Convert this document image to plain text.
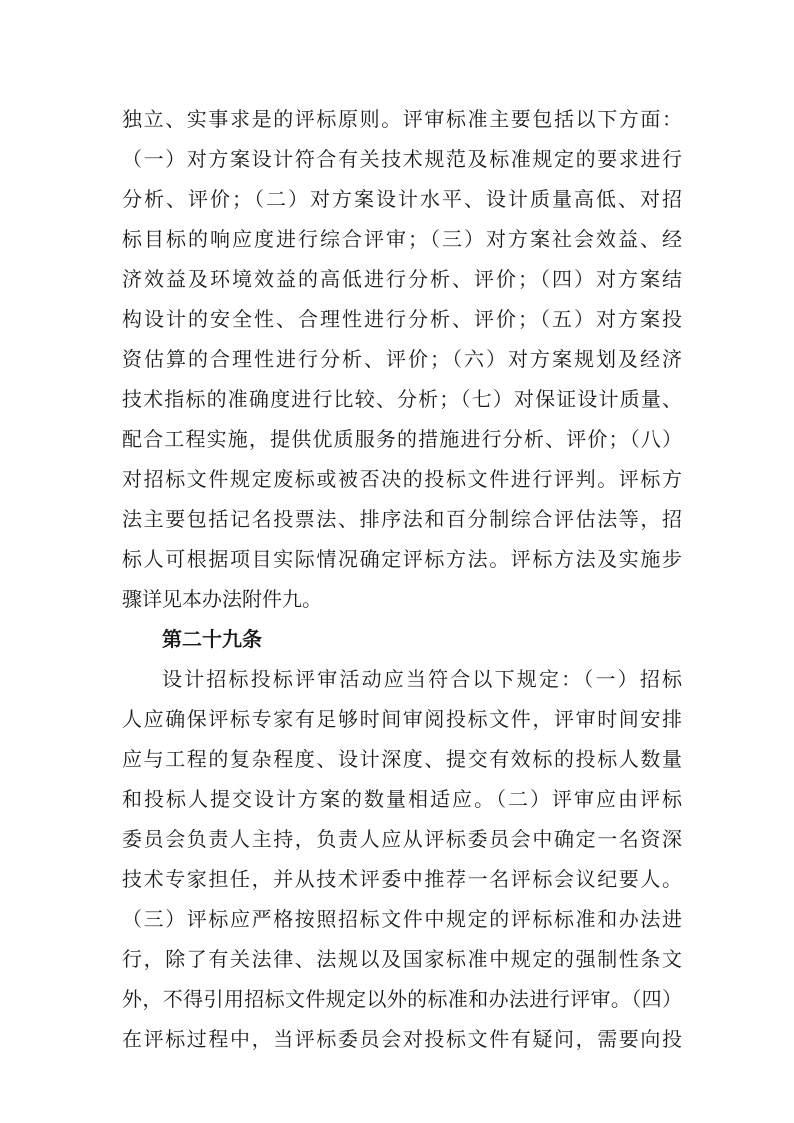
独立、实事求是的评标原则。评审标准主要包括以下方面：
（一）对方案设计符合有关技术规范及标准规定的要求进行
分析、评价；（二）对方案设计水平、设计质量高低、对招
标目标的响应度进行综合评审；（三）对方案社会效益、经
济效益及环境效益的高低进行分析、评价；（四）对方案结
构设计的安全性、合理性进行分析、评价；（五）对方案投
资估算的合理性进行分析、评价；（六）对方案规划及经济
技术指标的准确度进行比较、分析；（七）对保证设计质量、
配合工程实施，提供优质服务的措施进行分析、评价；（八）
对招标文件规定废标或被否决的投标文件进行评判。评标方
法主要包括记名投票法、排序法和百分制综合评估法等，招
标人可根据项目实际情况确定评标方法。评标方法及实施步
骤详见本办法附件九。
第二十九条
设计招标投标评审活动应当符合以下规定：（一）招标
人应确保评标专家有足够时间审阅投标文件，评审时间安排
应与工程的复杂程度、设计深度、提交有效标的投标人数量
和投标人提交设计方案的数量相适应。（二）评审应由评标
委员会负责人主持，负责人应从评标委员会中确定一名资深
技术专家担任，并从技术评委中推荐一名评标会议纪要人。
（三）评标应严格按照招标文件中规定的评标标准和办法进
行，除了有关法律、法规以及国家标准中规定的强制性条文
外，不得引用招标文件规定以外的标准和办法进行评审。（四）
在评标过程中，当评标委员会对投标文件有疑问，需要向投
